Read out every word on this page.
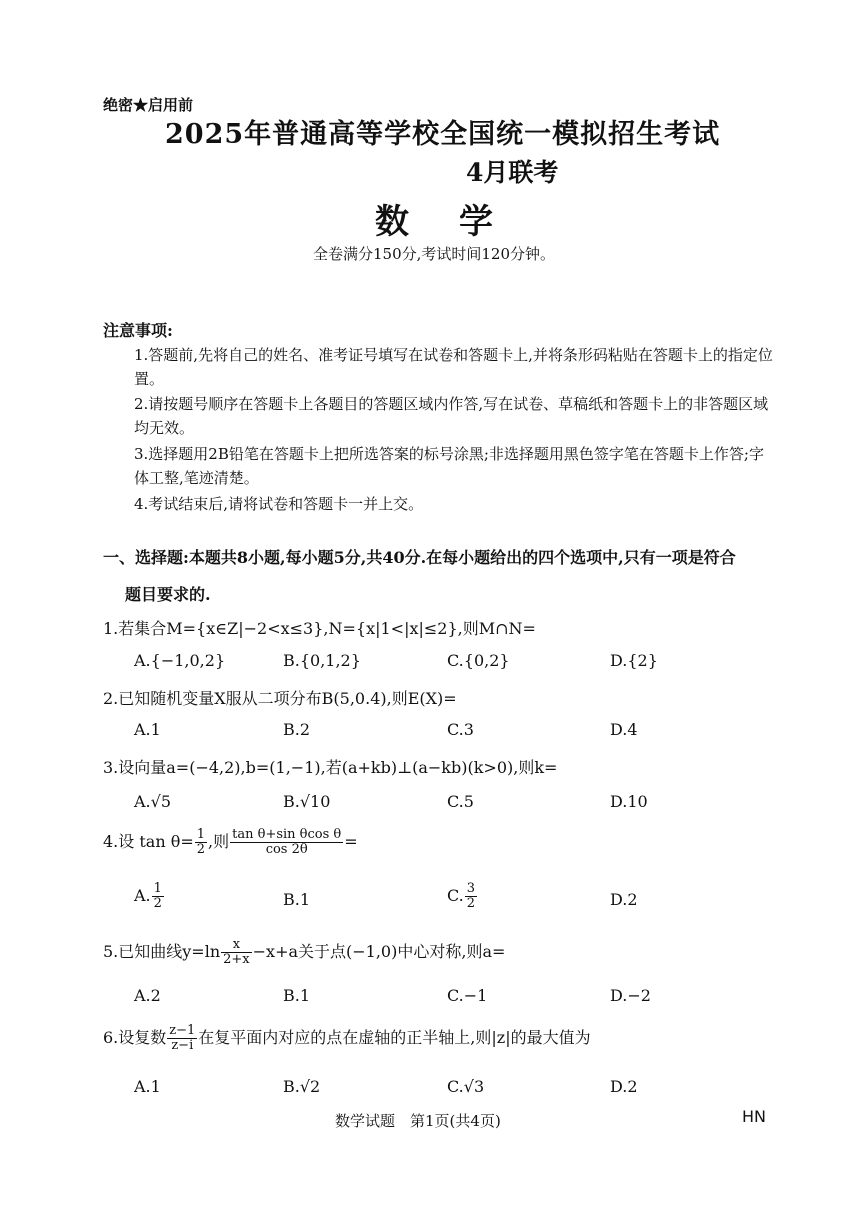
绝密★启用前
2025年普通高等学校全国统一模拟招生考试
4月联考
数学
全卷满分150分,考试时间120分钟。
注意事项:
1.答题前,先将自己的姓名、准考证号填写在试卷和答题卡上,并将条形码粘贴在答题卡上的指定位置。
2.请按题号顺序在答题卡上各题目的答题区域内作答,写在试卷、草稿纸和答题卡上的非答题区域均无效。
3.选择题用2B铅笔在答题卡上把所选答案的标号涂黑;非选择题用黑色签字笔在答题卡上作答;字体工整,笔迹清楚。
4.考试结束后,请将试卷和答题卡一并上交。
一、选择题:本题共8小题,每小题5分,共40分.在每小题给出的四个选项中,只有一项是符合
题目要求的.
1.若集合M={x∈Z|−2<x≤3},N={x|1<|x|≤2},则M∩N=
A.{−1,0,2}	B.{0,1,2}	C.{0,2}	D.{2}
2.已知随机变量X服从二项分布B(5,0.4),则E(X)=
A.1	B.2	C.3	D.4
3.设向量a=(−4,2),b=(1,−1),若(a+kb)⊥(a−kb)(k>0),则k=
A.√5	B.√10	C.5	D.10
4.设 $\tan \theta= \frac{1}{2}$ ,则 $\frac{\text{tan θ+sin θcos θ}}{\cos 2\theta}$ =
A. $\frac{1}{2}$	B.1	C. $\frac{3}{2}$	D.2
5.已知曲线$y=\ln \frac{x}{2+x} -x+a$关于点(−1,0)中心对称,则a=
A.2	B.1	C.−1	D.−2
6.设复数 $\frac{z-1}{z-i}$ 在复平面内对应的点在虚轴的正半轴上,则|z|的最大值为
A.1	B.√2	C.√3	D.2
数学试题　第1页(共4页)	HN
